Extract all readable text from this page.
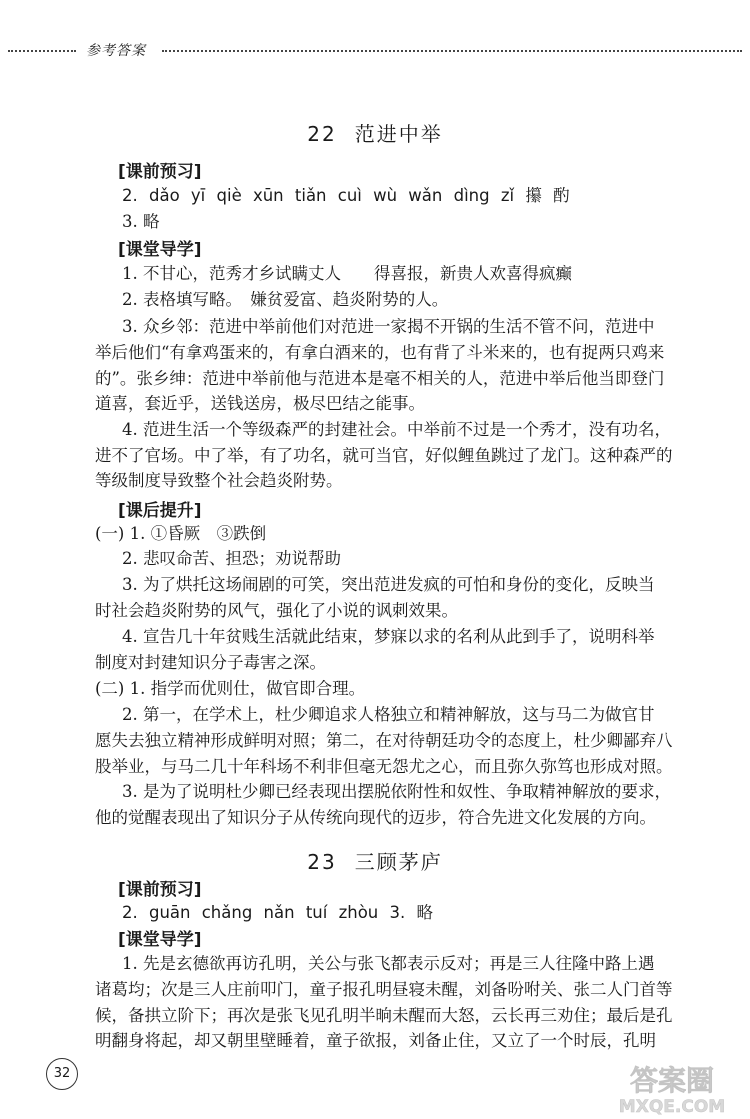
参考答案
22 范进中举
[课前预习]
2. dǎo yī qiè xūn tiǎn cuì wù wǎn dìng zǐ 攥 酌
3. 略
[课堂导学]
1. 不甘心，范秀才乡试瞒丈人　　得喜报，新贵人欢喜得疯癫
2. 表格填写略。　嫌贫爱富、趋炎附势的人。
3. 众乡邻：范进中举前他们对范进一家揭不开锅的生活不管不问，范进中
举后他们“有拿鸡蛋来的，有拿白酒来的，也有背了斗米来的，也有捉两只鸡来
的”。张乡绅：范进中举前他与范进本是毫不相关的人，范进中举后他当即登门
道喜，套近乎，送钱送房，极尽巴结之能事。
4. 范进生活一个等级森严的封建社会。中举前不过是一个秀才，没有功名，
进不了官场。中了举，有了功名，就可当官，好似鲤鱼跳过了龙门。这种森严的
等级制度导致整个社会趋炎附势。
[课后提升]
(一) 1. ①昏厥　③跌倒
2. 悲叹命苦、担恐；劝说帮助
3. 为了烘托这场闹剧的可笑，突出范进发疯的可怕和身份的变化，反映当
时社会趋炎附势的风气，强化了小说的讽刺效果。
4. 宣告几十年贫贱生活就此结束，梦寐以求的名利从此到手了，说明科举
制度对封建知识分子毒害之深。
(二) 1. 指学而优则仕，做官即合理。
2. 第一，在学术上，杜少卿追求人格独立和精神解放，这与马二为做官甘
愿失去独立精神形成鲜明对照；第二，在对待朝廷功令的态度上，杜少卿鄙弃八
股举业，与马二几十年科场不利非但毫无怨尤之心，而且弥久弥笃也形成对照。
3. 是为了说明杜少卿已经表现出摆脱依附性和奴性、争取精神解放的要求，
他的觉醒表现出了知识分子从传统向现代的迈步，符合先进文化发展的方向。
23 三顾茅庐
[课前预习]
2. guān chǎng nǎn tuí zhòu 3. 略
[课堂导学]
1. 先是玄德欲再访孔明，关公与张飞都表示反对；再是三人往隆中路上遇
诸葛均；次是三人庄前叩门，童子报孔明昼寝未醒，刘备吩咐关、张二人门首等
候，备拱立阶下；再次是张飞见孔明半晌未醒而大怒，云长再三劝住；最后是孔
明翻身将起，却又朝里壁睡着，童子欲报，刘备止住，又立了一个时辰，孔明
32	答案圈
MXQE.COM
